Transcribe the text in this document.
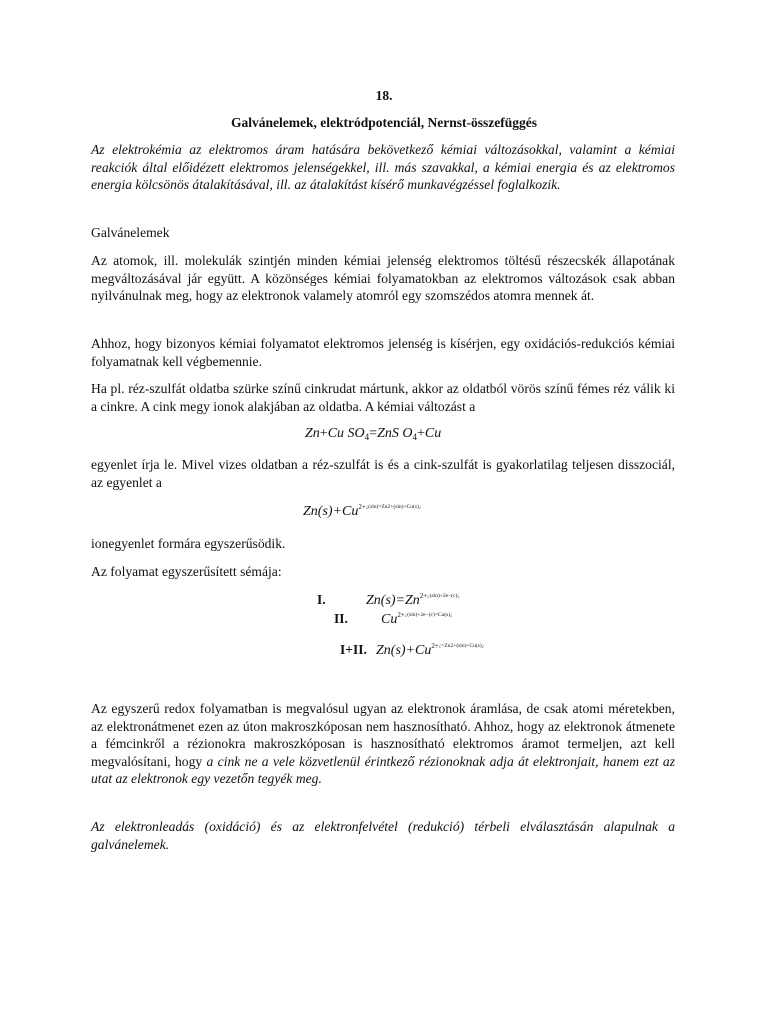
18.
Galvánelemek, elektródpotenciál, Nernst-összefüggés
Az elektrokémia az elektromos áram hatására bekövetkező kémiai változásokkal, valamint a kémiai reakciók által előidézett elektromos jelenségekkel, ill. más szavakkal, a kémiai energia és az elektromos energia kölcsönös átalakításával, ill. az átalakítást kísérő munkavégzéssel foglalkozik.
Galvánelemek
Az atomok, ill. molekulák szintjén minden kémiai jelenség elektromos töltésű részecskék állapotának megváltozásával jár együtt. A közönséges kémiai folyamatokban az elektromos változások csak abban nyilvánulnak meg, hogy az elektronok valamely atomról egy szomszédos atomra mennek át.
Ahhoz, hogy bizonyos kémiai folyamatot elektromos jelenség is kísérjen, egy oxidációs-redukciós kémiai folyamatnak kell végbemennie.
Ha pl. réz-szulfát oldatba szürke színű cinkrudat mártunk, akkor az oldatból vörös színű fémes réz válik ki a cinkre. A cink megy ionok alakjában az oldatba. A kémiai változást a
Zn+Cu $SO_4=ZnS$ $O_4+Cu$
egyenlet írja le. Mivel vizes oldatban a réz-szulfát is és a cink-szulfát is gyakorlatilag teljesen disszociál, az egyenlet a
$Zn(s)+Cu^{2+¿(sln)=Zn2+(sln)+Cu(s)¿}$
ionegyenlet formára egyszerűsödik.
Az folyamat egyszerűsített sémája:
I.	$Zn(s)=Zn^{2+¿(sln)+2e-(c)¿}$
II. $Cu^{2+¿(sln)+2e-(c)=Cu(s)¿}$
I+II. $Zn(s)+Cu^{2+¿=Zn2+(sln)+Cu(s)¿}$
Az egyszerű redox folyamatban is megvalósul ugyan az elektronok áramlása, de csak atomi méretekben, az elektronátmenet ezen az úton makroszkóposan nem hasznosítható. Ahhoz, hogy az elektronok átmenete a fémcinkről a rézionokra makroszkóposan is hasznosítható elektromos áramot termeljen, azt kell megvalósítani, hogy a cink ne a vele közvetlenül érintkező rézionoknak adja át elektronjait, hanem ezt az utat az elektronok egy vezetőn tegyék meg.
Az elektronleadás (oxidáció) és az elektronfelvétel (redukció) térbeli elválasztásán alapulnak a galvánelemek.
